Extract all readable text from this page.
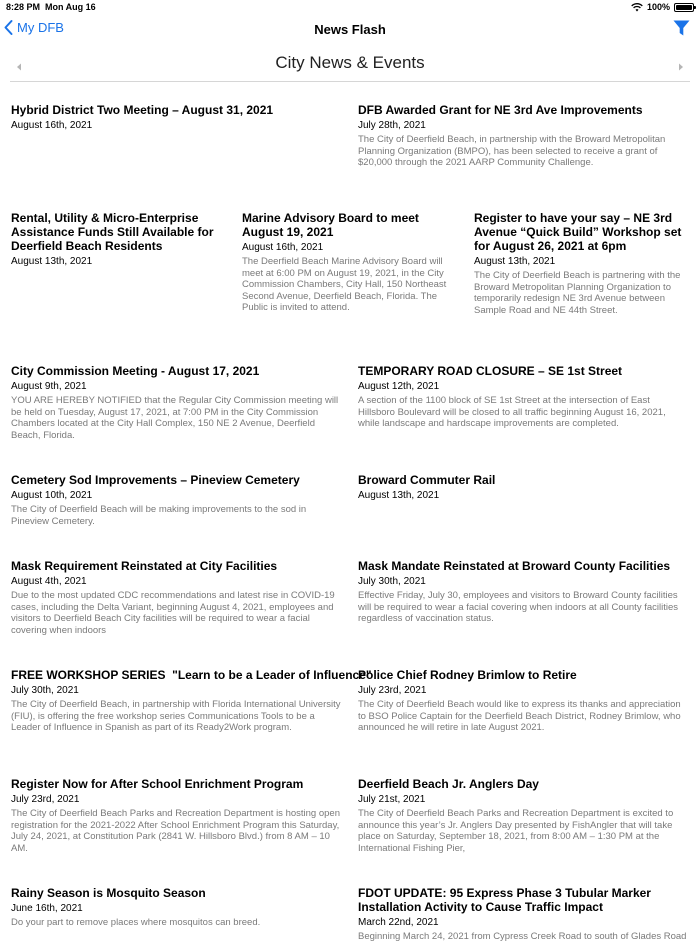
8:28 PM Mon Aug 16	100%
My DFB	News Flash
City News & Events
Hybrid District Two Meeting – August 31, 2021
August 16th, 2021
DFB Awarded Grant for NE 3rd Ave Improvements
July 28th, 2021
The City of Deerfield Beach, in partnership with the Broward Metropolitan Planning Organization (BMPO), has been selected to receive a grant of $20,000 through the 2021 AARP Community Challenge.
Rental, Utility & Micro-Enterprise Assistance Funds Still Available for Deerfield Beach Residents
August 13th, 2021
Marine Advisory Board to meet August 19, 2021
August 16th, 2021
The Deerfield Beach Marine Advisory Board will meet at 6:00 PM on August 19, 2021, in the City Commission Chambers, City Hall, 150 Northeast Second Avenue, Deerfield Beach, Florida. The Public is invited to attend.
Register to have your say – NE 3rd Avenue “Quick Build” Workshop set for August 26, 2021 at 6pm
August 13th, 2021
The City of Deerfield Beach is partnering with the Broward Metropolitan Planning Organization to temporarily redesign NE 3rd Avenue between Sample Road and NE 44th Street.
City Commission Meeting - August 17, 2021
August 9th, 2021
YOU ARE HEREBY NOTIFIED that the Regular City Commission meeting will be held on Tuesday, August 17, 2021, at 7:00 PM in the City Commission Chambers located at the City Hall Complex, 150 NE 2 Avenue, Deerfield Beach, Florida.
TEMPORARY ROAD CLOSURE – SE 1st Street
August 12th, 2021
A section of the 1100 block of SE 1st Street at the intersection of East Hillsboro Boulevard will be closed to all traffic beginning August 16, 2021, while landscape and hardscape improvements are completed.
Cemetery Sod Improvements – Pineview Cemetery
August 10th, 2021
The City of Deerfield Beach will be making improvements to the sod in Pineview Cemetery.
Broward Commuter Rail
August 13th, 2021
Mask Requirement Reinstated at City Facilities
August 4th, 2021
Due to the most updated CDC recommendations and latest rise in COVID-19 cases, including the Delta Variant, beginning August 4, 2021, employees and visitors to Deerfield Beach City facilities will be required to wear a facial covering when indoors
Mask Mandate Reinstated at Broward County Facilities
July 30th, 2021
Effective Friday, July 30, employees and visitors to Broward County facilities will be required to wear a facial covering when indoors at all County facilities regardless of vaccination status.
FREE WORKSHOP SERIES  "Learn to be a Leader of Influence"
July 30th, 2021
The City of Deerfield Beach, in partnership with Florida International University (FIU), is offering the free workshop series Communications Tools to be a Leader of Influence in Spanish as part of its Ready2Work program.
Police Chief Rodney Brimlow to Retire
July 23rd, 2021
The City of Deerfield Beach would like to express its thanks and appreciation to BSO Police Captain for the Deerfield Beach District, Rodney Brimlow, who announced he will retire in late August 2021.
Register Now for After School Enrichment Program
July 23rd, 2021
The City of Deerfield Beach Parks and Recreation Department is hosting open registration for the 2021-2022 After School Enrichment Program this Saturday, July 24, 2021, at Constitution Park (2841 W. Hillsboro Blvd.) from 8 AM – 10 AM.
Deerfield Beach Jr. Anglers Day
July 21st, 2021
The City of Deerfield Beach Parks and Recreation Department is excited to announce this year’s Jr. Anglers Day presented by FishAngler that will take place on Saturday, September 18, 2021, from 8:00 AM – 1:30 PM at the International Fishing Pier,
Rainy Season is Mosquito Season
June 16th, 2021
Do your part to remove places where mosquitos can breed.
FDOT UPDATE: 95 Express Phase 3 Tubular Marker Installation Activity to Cause Traffic Impact
March 22nd, 2021
Beginning March 24, 2021 from Cypress Creek Road to south of Glades Road
